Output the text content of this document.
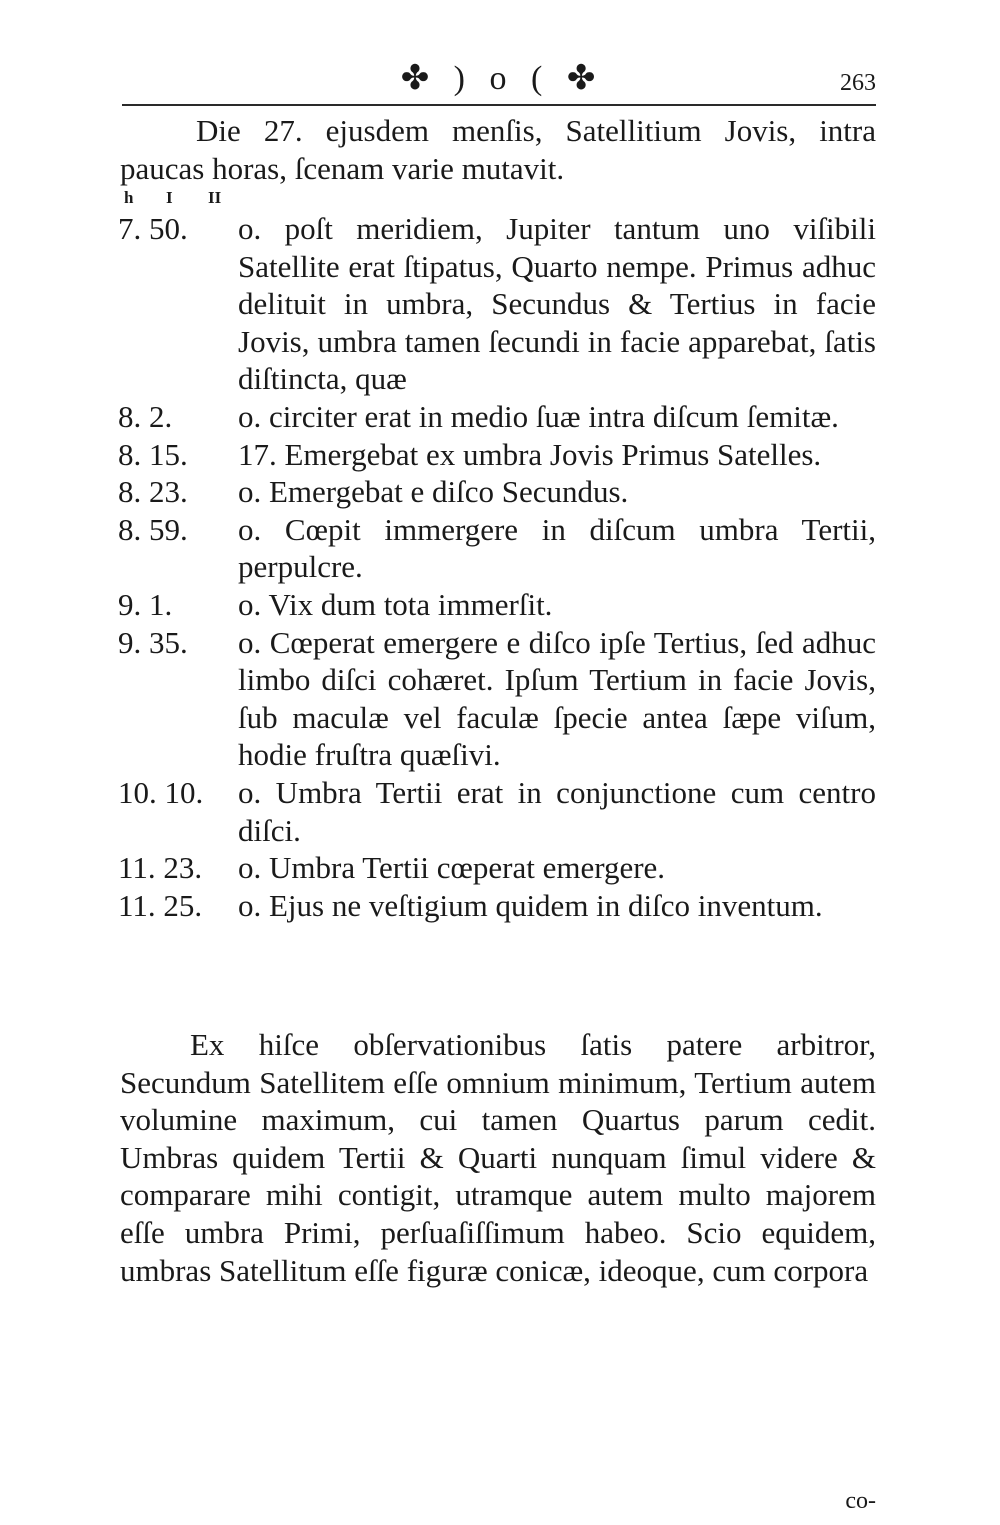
✤ ) o ( ✤	263

Die 27. ejusdem menſis, Satellitium Jovis, intra paucas horas, ſcenam varie mutavit.

h I II
7. 50.	o. poſt meridiem, Jupiter tantum uno viſibili Satellite erat ſtipatus, Quarto nempe. Primus adhuc delituit in umbra, Secundus & Tertius in facie Jovis, umbra tamen ſecundi in facie apparebat, ſatis diſtincta, quæ
8. 2.	o. circiter erat in medio ſuæ intra diſcum ſemitæ.
8. 15.	17. Emergebat ex umbra Jovis Primus Satelles.
8. 23.	o. Emergebat e diſco Secundus.
8. 59.	o. Cœpit immergere in diſcum umbra Tertii, perpulcre.
9. 1.	o. Vix dum tota immerſit.
9. 35.	o. Cœperat emergere e diſco ipſe Tertius, ſed adhuc limbo diſci cohæret. Ipſum Tertium in facie Jovis, ſub maculæ vel faculæ ſpecie antea ſæpe viſum, hodie fruſtra quæſivi.
10. 10.	o. Umbra Tertii erat in conjunctione cum centro diſci.
11. 23.	o. Umbra Tertii cœperat emergere.
11. 25.	o. Ejus ne veſtigium quidem in diſco inventum.

Ex hiſce obſervationibus ſatis patere arbitror, Secundum Satellitem eſſe omnium minimum, Tertium autem volumine maximum, cui tamen Quartus parum cedit. Umbras quidem Tertii & Quarti nunquam ſimul videre & comparare mihi contigit, utramque autem multo majorem eſſe umbra Primi, perſuaſiſſimum habeo. Scio equidem, umbras Satellitum eſſe figuræ conicæ, ideoque, cum corpora

co-
